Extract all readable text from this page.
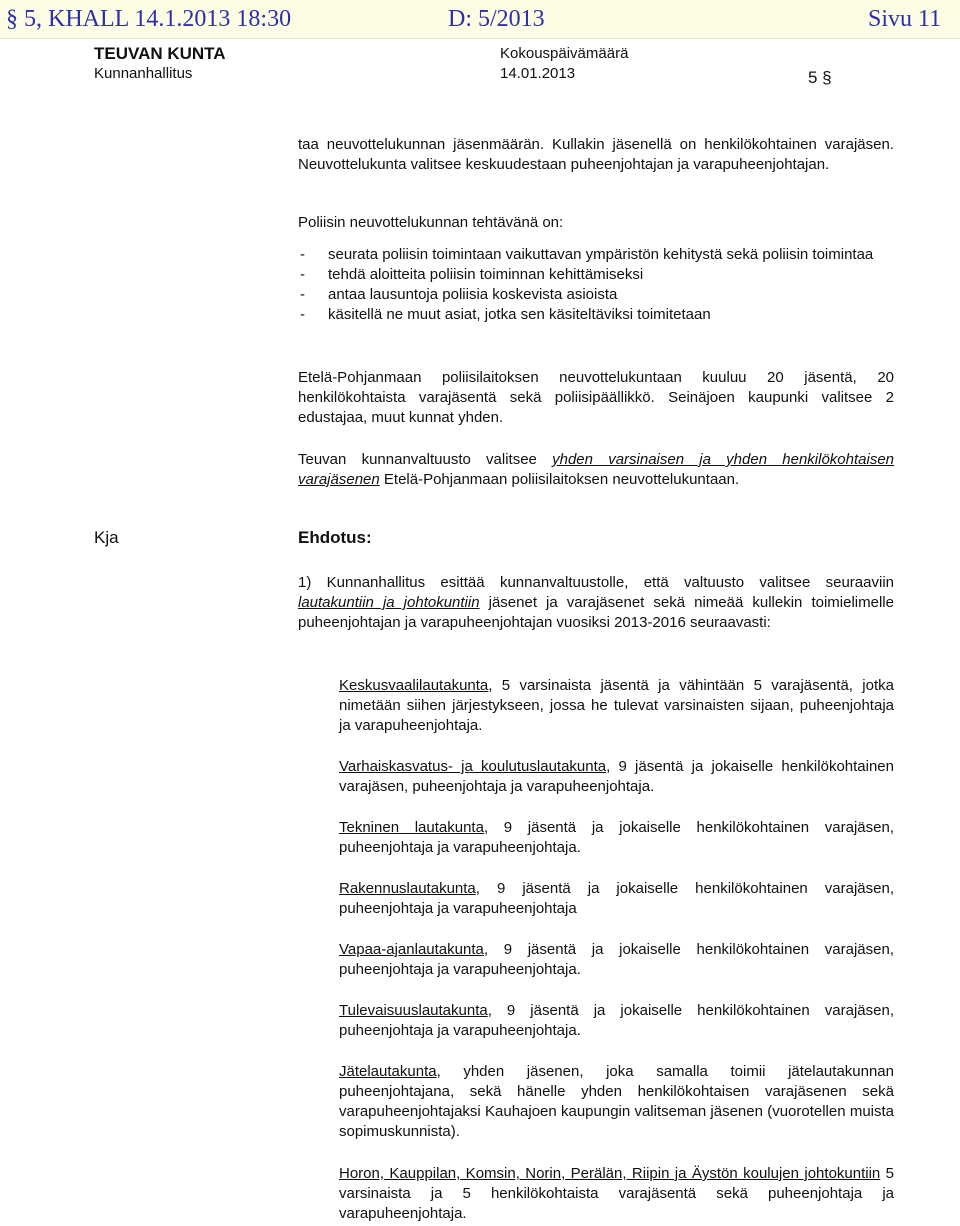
§ 5, KHALL 14.1.2013 18:30	D: 5/2013	Sivu 11
TEUVAN KUNTA
Kunnanhallitus
Kokouspäivämäärä
14.01.2013	5 §

taa neuvottelukunnan jäsenmäärän. Kullakin jäsenellä on henkilökohtainen varajäsen. Neuvottelukunta valitsee keskuudestaan puheenjohtajan ja varapuheenjohtajan.

Poliisin neuvottelukunnan tehtävänä on:

- seurata poliisin toimintaan vaikuttavan ympäristön kehitystä sekä poliisin toimintaa
- tehdä aloitteita poliisin toiminnan kehittämiseksi
- antaa lausuntoja poliisia koskevista asioista
- käsitellä ne muut asiat, jotka sen käsiteltäviksi toimitetaan

Etelä-Pohjanmaan poliisilaitoksen neuvottelukuntaan kuuluu 20 jäsentä, 20 henkilökohtaista varajäsentä sekä poliisipäällikkö. Seinäjoen kaupunki valitsee 2 edustajaa, muut kunnat yhden.

Teuvan kunnanvaltuusto valitsee yhden varsinaisen ja yhden henkilökohtaisen varajäsenen Etelä-Pohjanmaan poliisilaitoksen neuvottelukuntaan.

Kja	Ehdotus:

1) Kunnanhallitus esittää kunnanvaltuustolle, että valtuusto valitsee seuraaviin lautakuntiin ja johtokuntiin jäsenet ja varajäsenet sekä nimeää kullekin toimielimelle puheenjohtajan ja varapuheenjohtajan vuosiksi 2013-2016 seuraavasti:

Keskusvaalilautakunta, 5 varsinaista jäsentä ja vähintään 5 varajäsentä, jotka nimetään siihen järjestykseen, jossa he tulevat varsinaisten sijaan, puheenjohtaja ja varapuheenjohtaja.

Varhaiskasvatus- ja koulutuslautakunta, 9 jäsentä ja jokaiselle henkilökohtainen varajäsen, puheenjohtaja ja varapuheenjohtaja.

Tekninen lautakunta, 9 jäsentä ja jokaiselle henkilökohtainen varajäsen, puheenjohtaja ja varapuheenjohtaja.

Rakennuslautakunta, 9 jäsentä ja jokaiselle henkilökohtainen varajäsen, puheenjohtaja ja varapuheenjohtaja

Vapaa-ajanlautakunta, 9 jäsentä ja jokaiselle henkilökohtainen varajäsen, puheenjohtaja ja varapuheenjohtaja.

Tulevaisuuslautakunta, 9 jäsentä ja jokaiselle henkilökohtainen varajäsen, puheenjohtaja ja varapuheenjohtaja.

Jätelautakunta, yhden jäsenen, joka samalla toimii jätelautakunnan puheenjohtajana, sekä hänelle yhden henkilökohtaisen varajäsenen sekä varapuheenjohtajaksi Kauhajoen kaupungin valitseman jäsenen (vuorotellen muista sopimuskunnista).

Horon, Kauppilan, Komsin, Norin, Perälän, Riipin ja Äystön koulujen johtokuntiin 5 varsinaista ja 5 henkilökohtaista varajäsentä sekä puheenjohtaja ja varapuheenjohtaja.
